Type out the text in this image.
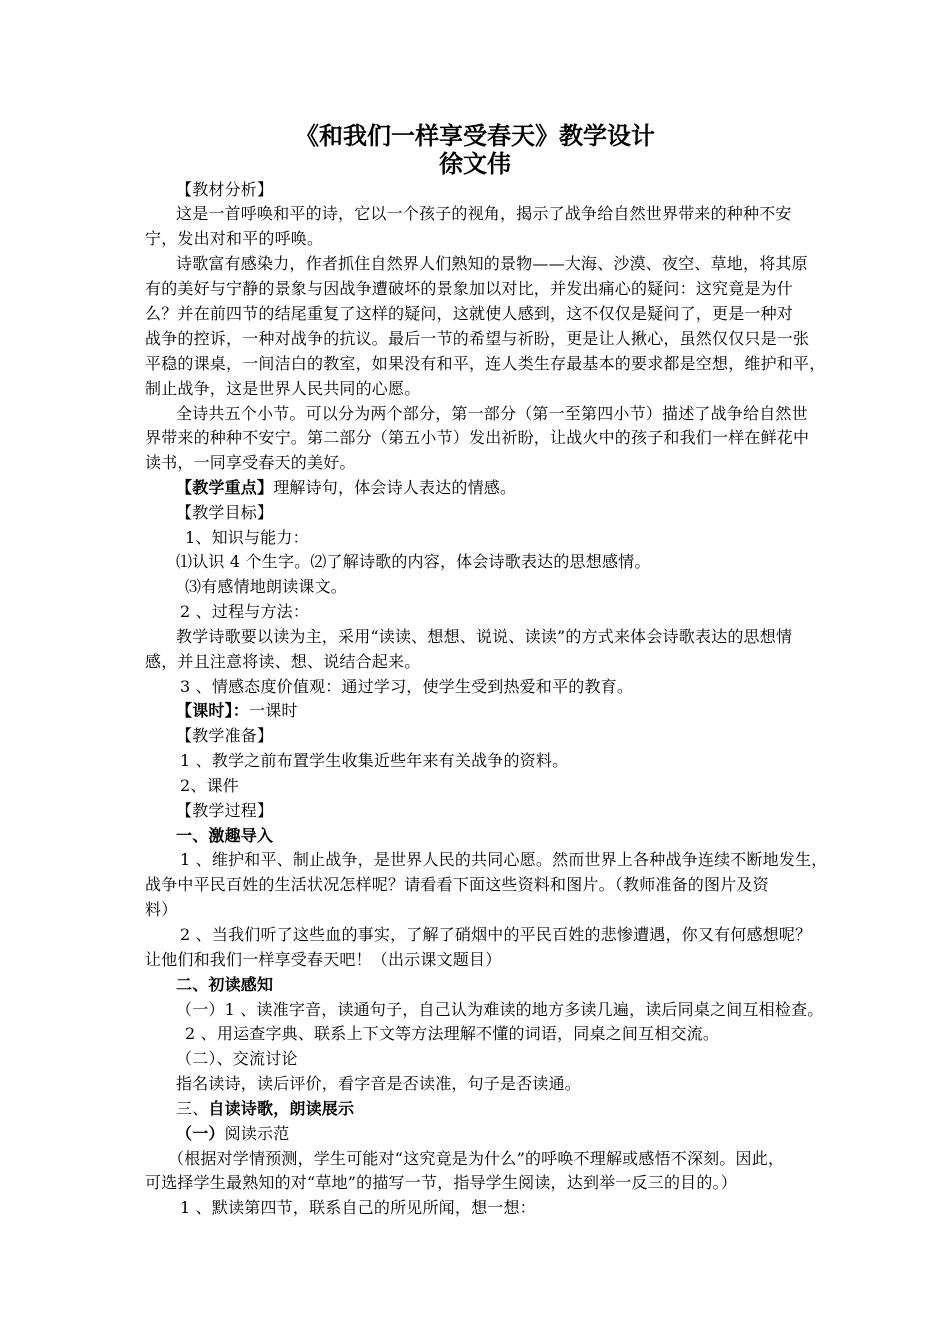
《和我们一样享受春天》教学设计
徐文伟
【教材分析】
这是一首呼唤和平的诗，它以一个孩子的视角，揭示了战争给自然世界带来的种种不安
宁，发出对和平的呼唤。
诗歌富有感染力，作者抓住自然界人们熟知的景物——大海、沙漠、夜空、草地，将其原
有的美好与宁静的景象与因战争遭破坏的景象加以对比，并发出痛心的疑问：这究竟是为什
么？并在前四节的结尾重复了这样的疑问，这就使人感到，这不仅仅是疑问了，更是一种对
战争的控诉，一种对战争的抗议。最后一节的希望与祈盼，更是让人揪心，虽然仅仅只是一张
平稳的课桌，一间洁白的教室，如果没有和平，连人类生存最基本的要求都是空想，维护和平，
制止战争，这是世界人民共同的心愿。
全诗共五个小节。可以分为两个部分，第一部分（第一至第四小节）描述了战争给自然世
界带来的种种不安宁。第二部分（第五小节）发出祈盼，让战火中的孩子和我们一样在鲜花中
读书，一同享受春天的美好。
【教学重点】理解诗句，体会诗人表达的情感。
【教学目标】
1、知识与能力：
⑴认识 4 个生字。⑵了解诗歌的内容，体会诗歌表达的思想感情。
⑶有感情地朗读课文。
2 、过程与方法：
教学诗歌要以读为主，采用“读读、想想、说说、读读”的方式来体会诗歌表达的思想情
感，并且注意将读、想、说结合起来。
3 、情感态度价值观：通过学习，使学生受到热爱和平的教育。
【课时】：一课时
【教学准备】
1 、教学之前布置学生收集近些年来有关战争的资料。
2、课件
【教学过程】
一、激趣导入
1 、维护和平、制止战争，是世界人民的共同心愿。然而世界上各种战争连续不断地发生，
战争中平民百姓的生活状况怎样呢？请看看下面这些资料和图片。（教师准备的图片及资
料）
2 、当我们听了这些血的事实，了解了硝烟中的平民百姓的悲惨遭遇，你又有何感想呢？
让他们和我们一样享受春天吧！（出示课文题目）
二、初读感知
（一）1 、读准字音，读通句子，自己认为难读的地方多读几遍，读后同桌之间互相检查。
2 、用运查字典、联系上下文等方法理解不懂的词语，同桌之间互相交流。
（二）、交流讨论
指名读诗，读后评价，看字音是否读准，句子是否读通。
三、自读诗歌，朗读展示
（一）阅读示范
（根据对学情预测，学生可能对“这究竟是为什么”的呼唤不理解或感悟不深刻。因此，
可选择学生最熟知的对“草地”的描写一节，指导学生阅读，达到举一反三的目的。）
1 、默读第四节，联系自己的所见所闻，想一想：
